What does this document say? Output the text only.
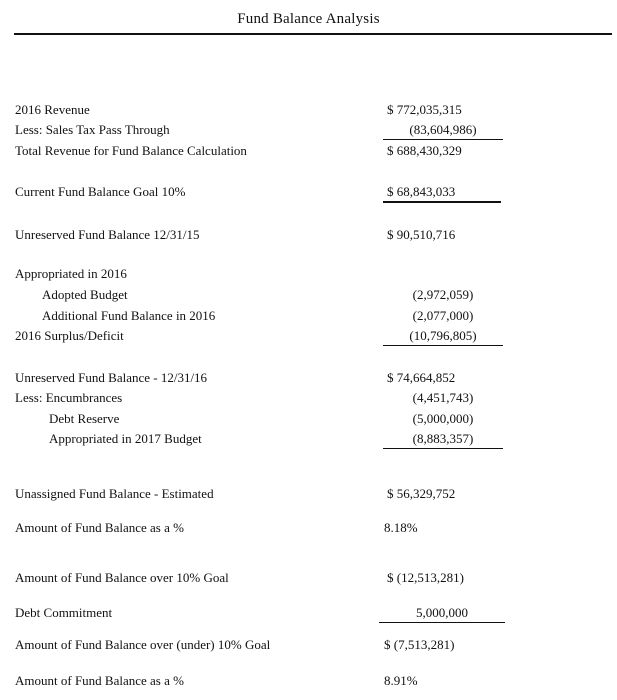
Fund Balance Analysis
2016 Revenue	$ 772,035,315
Less: Sales Tax Pass Through	(83,604,986)
Total Revenue for Fund Balance Calculation	$ 688,430,329
Current Fund Balance Goal 10%	$ 68,843,033
Unreserved Fund Balance 12/31/15	$ 90,510,716
Appropriated in 2016
Adopted Budget	(2,972,059)
Additional Fund Balance in 2016	(2,077,000)
2016 Surplus/Deficit	(10,796,805)
Unreserved Fund Balance - 12/31/16	$ 74,664,852
Less: Encumbrances	(4,451,743)
Debt Reserve	(5,000,000)
Appropriated in 2017 Budget	(8,883,357)
Unassigned Fund Balance - Estimated	$ 56,329,752
Amount of Fund Balance as a %	8.18%
Amount of Fund Balance over 10% Goal	$ (12,513,281)
Debt Commitment	5,000,000
Amount of Fund Balance over (under) 10% Goal	$ (7,513,281)
Amount of Fund Balance as a %	8.91%
